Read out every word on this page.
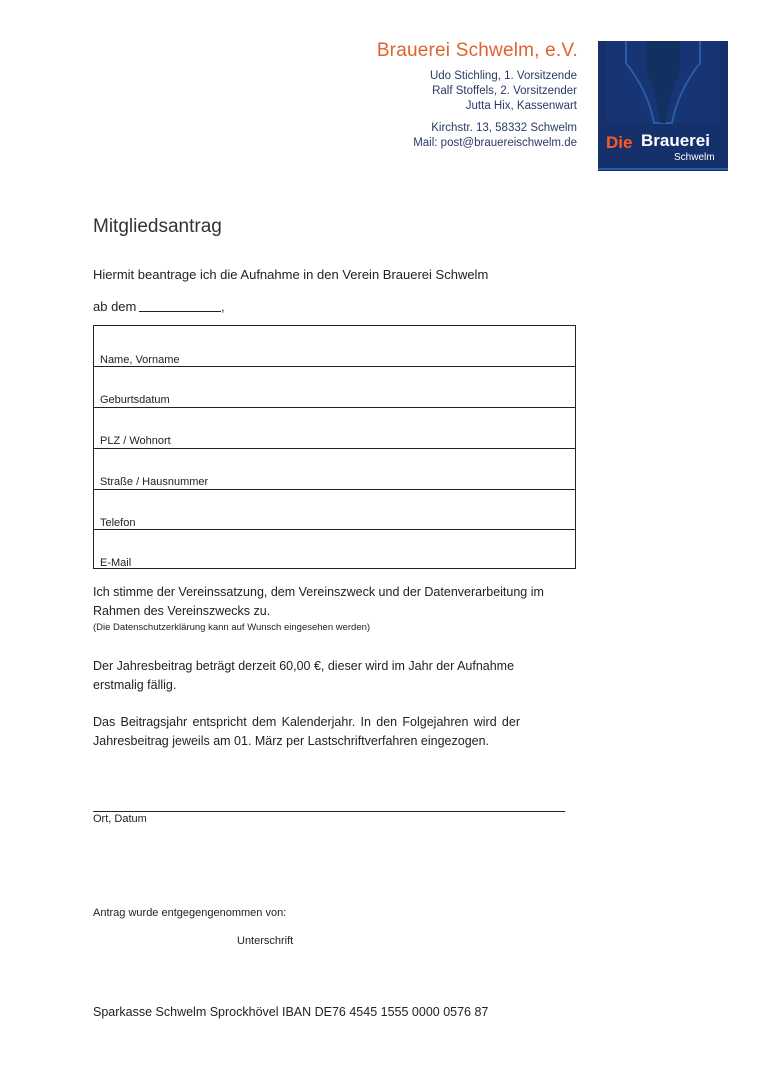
Brauerei Schwelm, e.V.
Udo Stichling, 1. Vorsitzende
Ralf Stoffels, 2. Vorsitzender
Jutta Hix, Kassenwart
Kirchstr. 13, 58332 Schwelm
Mail: post@brauereischwelm.de Die Brauerei
Schwelm
Mitgliedsantrag
Hiermit beantrage ich die Aufnahme in den Verein Brauerei Schwelm
ab dem	,
Name, Vorname
Geburtsdatum
PLZ / Wohnort
Straße / Hausnummer
Telefon
E-Mail
Ich stimme der Vereinssatzung, dem Vereinszweck und der Datenverarbeitung im Rahmen des Vereinszwecks zu.
(Die Datenschutzerklärung kann auf Wunsch eingesehen werden)
Der Jahresbeitrag beträgt derzeit 60,00 €, dieser wird im Jahr der Aufnahme erstmalig fällig.
Das Beitragsjahr entspricht dem Kalenderjahr. In den Folgejahren wird der Jahresbeitrag jeweils am 01. März per Lastschriftverfahren eingezogen.
Ort, Datum
Antrag wurde entgegengenommen von:
Unterschrift
Sparkasse Schwelm Sprockhövel IBAN DE76 4545 1555 0000 0576 87
